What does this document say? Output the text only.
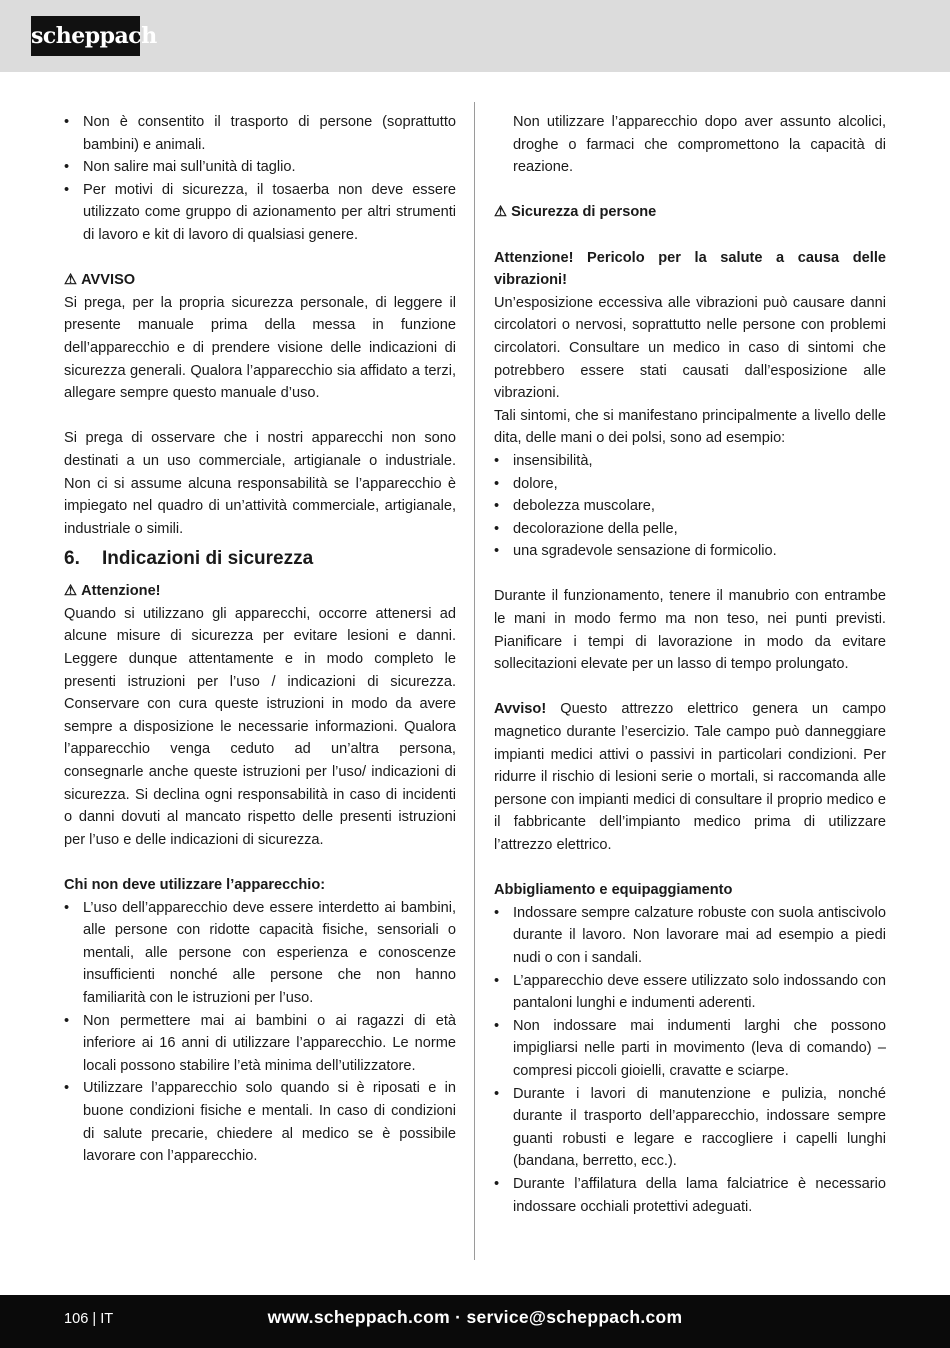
scheppach
• Non è consentito il trasporto di persone (soprattutto bambini) e animali.
• Non salire mai sull’unità di taglio.
• Per motivi di sicurezza, il tosaerba non deve essere utilizzato come gruppo di azionamento per altri strumenti di lavoro e kit di lavoro di qualsiasi genere.

⚠ AVVISO

Si prega, per la propria sicurezza personale, di leggere il presente manuale prima della messa in funzione dell’apparecchio e di prendere visione delle indicazioni di sicurezza generali. Qualora l’apparecchio sia affidato a terzi, allegare sempre questo manuale d’uso.

Si prega di osservare che i nostri apparecchi non sono destinati a un uso commerciale, artigianale o industriale. Non ci si assume alcuna responsabilità se l’apparecchio è impiegato nel quadro di un’attività commerciale, artigianale, industriale o simili.

6. Indicazioni di sicurezza

⚠ Attenzione!

Quando si utilizzano gli apparecchi, occorre attenersi ad alcune misure di sicurezza per evitare lesioni e danni. Leggere dunque attentamente e in modo completo le presenti istruzioni per l’uso / indicazioni di sicurezza. Conservare con cura queste istruzioni in modo da avere sempre a disposizione le necessarie informazioni. Qualora l’apparecchio venga ceduto ad un’altra persona, consegnarle anche queste istruzioni per l’uso/ indicazioni di sicurezza. Si declina ogni responsabilità in caso di incidenti o danni dovuti al mancato rispetto delle presenti istruzioni per l’uso e delle indicazioni di sicurezza.

Chi non deve utilizzare l’apparecchio:

• L’uso dell’apparecchio deve essere interdetto ai bambini, alle persone con ridotte capacità fisiche, sensoriali o mentali, alle persone con esperienza e conoscenze insufficienti nonché alle persone che non hanno familiarità con le istruzioni per l’uso.
• Non permettere mai ai bambini o ai ragazzi di età inferiore ai 16 anni di utilizzare l’apparecchio. Le norme locali possono stabilire l’età minima dell’utilizzatore.
• Utilizzare l’apparecchio solo quando si è riposati e in buone condizioni fisiche e mentali. In caso di condizioni di salute precarie, chiedere al medico se è possibile lavorare con l’apparecchio.

Non utilizzare l’apparecchio dopo aver assunto alcolici, droghe o farmaci che compromettono la capacità di reazione.

⚠ Sicurezza di persone

Attenzione! Pericolo per la salute a causa delle vibrazioni!

Un’esposizione eccessiva alle vibrazioni può causare danni circolatori o nervosi, soprattutto nelle persone con problemi circolatori. Consultare un medico in caso di sintomi che potrebbero essere stati causati dall’esposizione alle vibrazioni.

Tali sintomi, che si manifestano principalmente a livello delle dita, delle mani o dei polsi, sono ad esempio:

• insensibilità,
• dolore,
• debolezza muscolare,
• decolorazione della pelle,
• una sgradevole sensazione di formicolio.

Durante il funzionamento, tenere il manubrio con entrambe le mani in modo fermo ma non teso, nei punti previsti. Pianificare i tempi di lavorazione in modo da evitare sollecitazioni elevate per un lasso di tempo prolungato.

Avviso! Questo attrezzo elettrico genera un campo magnetico durante l’esercizio. Tale campo può danneggiare impianti medici attivi o passivi in particolari condizioni. Per ridurre il rischio di lesioni serie o mortali, si raccomanda alle persone con impianti medici di consultare il proprio medico e il fabbricante dell’impianto medico prima di utilizzare l’attrezzo elettrico.

Abbigliamento e equipaggiamento

• Indossare sempre calzature robuste con suola antiscivolo durante il lavoro. Non lavorare mai ad esempio a piedi nudi o con i sandali.
• L’apparecchio deve essere utilizzato solo indossando con pantaloni lunghi e indumenti aderenti.
• Non indossare mai indumenti larghi che possono impigliarsi nelle parti in movimento (leva di comando) – compresi piccoli gioielli, cravatte e sciarpe.
• Durante i lavori di manutenzione e pulizia, nonché durante il trasporto dell’apparecchio, indossare sempre guanti robusti e legare e raccogliere i capelli lunghi (bandana, berretto, ecc.).
• Durante l’affilatura della lama falciatrice è necessario indossare occhiali protettivi adeguati.
106 | IT	www.scheppach.com · service@scheppach.com
